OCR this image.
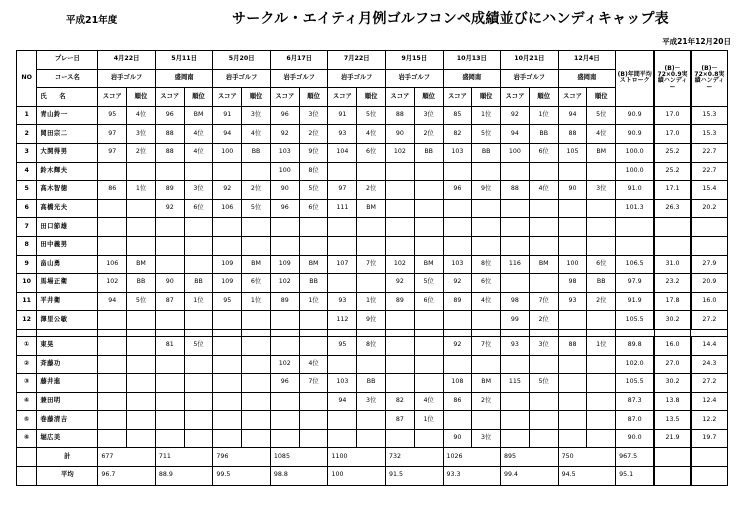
平成21年度	サークル・エイティ月例ゴルフコンペ成績並びにハンディキャップ表
平成21年12月20日
NO	プレー日	4月22日		5月11日		5月20日		6月17日		7月22日		9月15日		10月13日		10月21日		12月4日		(B)年間平均ストローク	(B)－72×0.9実績ハンディー	(B)－72×0.8実績ハンディー
	コース名	岩手ゴルフ		盛岡南		岩手ゴルフ		岩手ゴルフ		岩手ゴルフ		岩手ゴルフ		盛岡南		岩手ゴルフ		盛岡南				
	氏　　名	スコア	順位	スコア	順位	スコア	順位	スコア	順位	スコア	順位	スコア	順位	スコア	順位	スコア	順位	スコア	順位			
1	青山鈴一	95	4位	96	BM	91	3位	96	3位	91	5位	88	3位	85	1位	92	1位	94	5位	90.9	17.0	15.3
2	岡田宗二	97	3位	88	4位	94	4位	92	2位	93	4位	90	2位	82	5位	94	BB	88	4位	90.9	17.0	15.3
3	大関得男	97	2位	88	4位	100	BB	103	9位	104	6位	102	BB	103	BB	100	6位	105	BM	100.0	25.2	22.7
4	鈴木輝夫							100	8位											100.0	25.2	22.7
5	高木智徳	86	1位	89	3位	92	2位	90	5位	97	2位			96	9位	88	4位	90	3位	91.0	17.1	15.4
6	高橋光夫			92	6位	106	5位	96	6位	111	BM									101.3	26.3	20.2
7	田口節雄																					
8	田中義男																					
9	畠山勇	106	BM			109	BM	109	BM	107	7位	102	BM	103	8位	116	BM	100	6位	106.5	31.0	27.9
10	馬場正衛	102	BB	90	BB	109	6位	102	BB			92	5位	92	6位			98	BB	97.9	23.2	20.9
11	平井衛	94	5位	87	1位	95	1位	89	1位	93	1位	89	6位	89	4位	98	7位	93	2位	91.9	17.8	16.0
12	澤里公敏									112	9位					99	2位			105.5	30.2	27.2

①	東晃			81	5位					95	8位			92	7位	93	3位	88	1位	89.8	16.0	14.4
②	斉藤功							102	4位											102.0	27.0	24.3
③	藤井進							96	7位	103	BB			108	BM	115	5位			105.5	30.2	27.2
④	兼田明									94	3位	82	4位	86	2位					87.3	13.8	12.4
⑤	巻藤清吉											87	1位							87.0	13.5	12.2
⑥	堀広美													90	3位					90.0	21.9	19.7
	計	677		711		796		1085		1100		732		1026		895		750		967.5		
	平均	96.7		88.9		99.5		98.8		100		91.5		93.3		99.4		94.5		95.1		
